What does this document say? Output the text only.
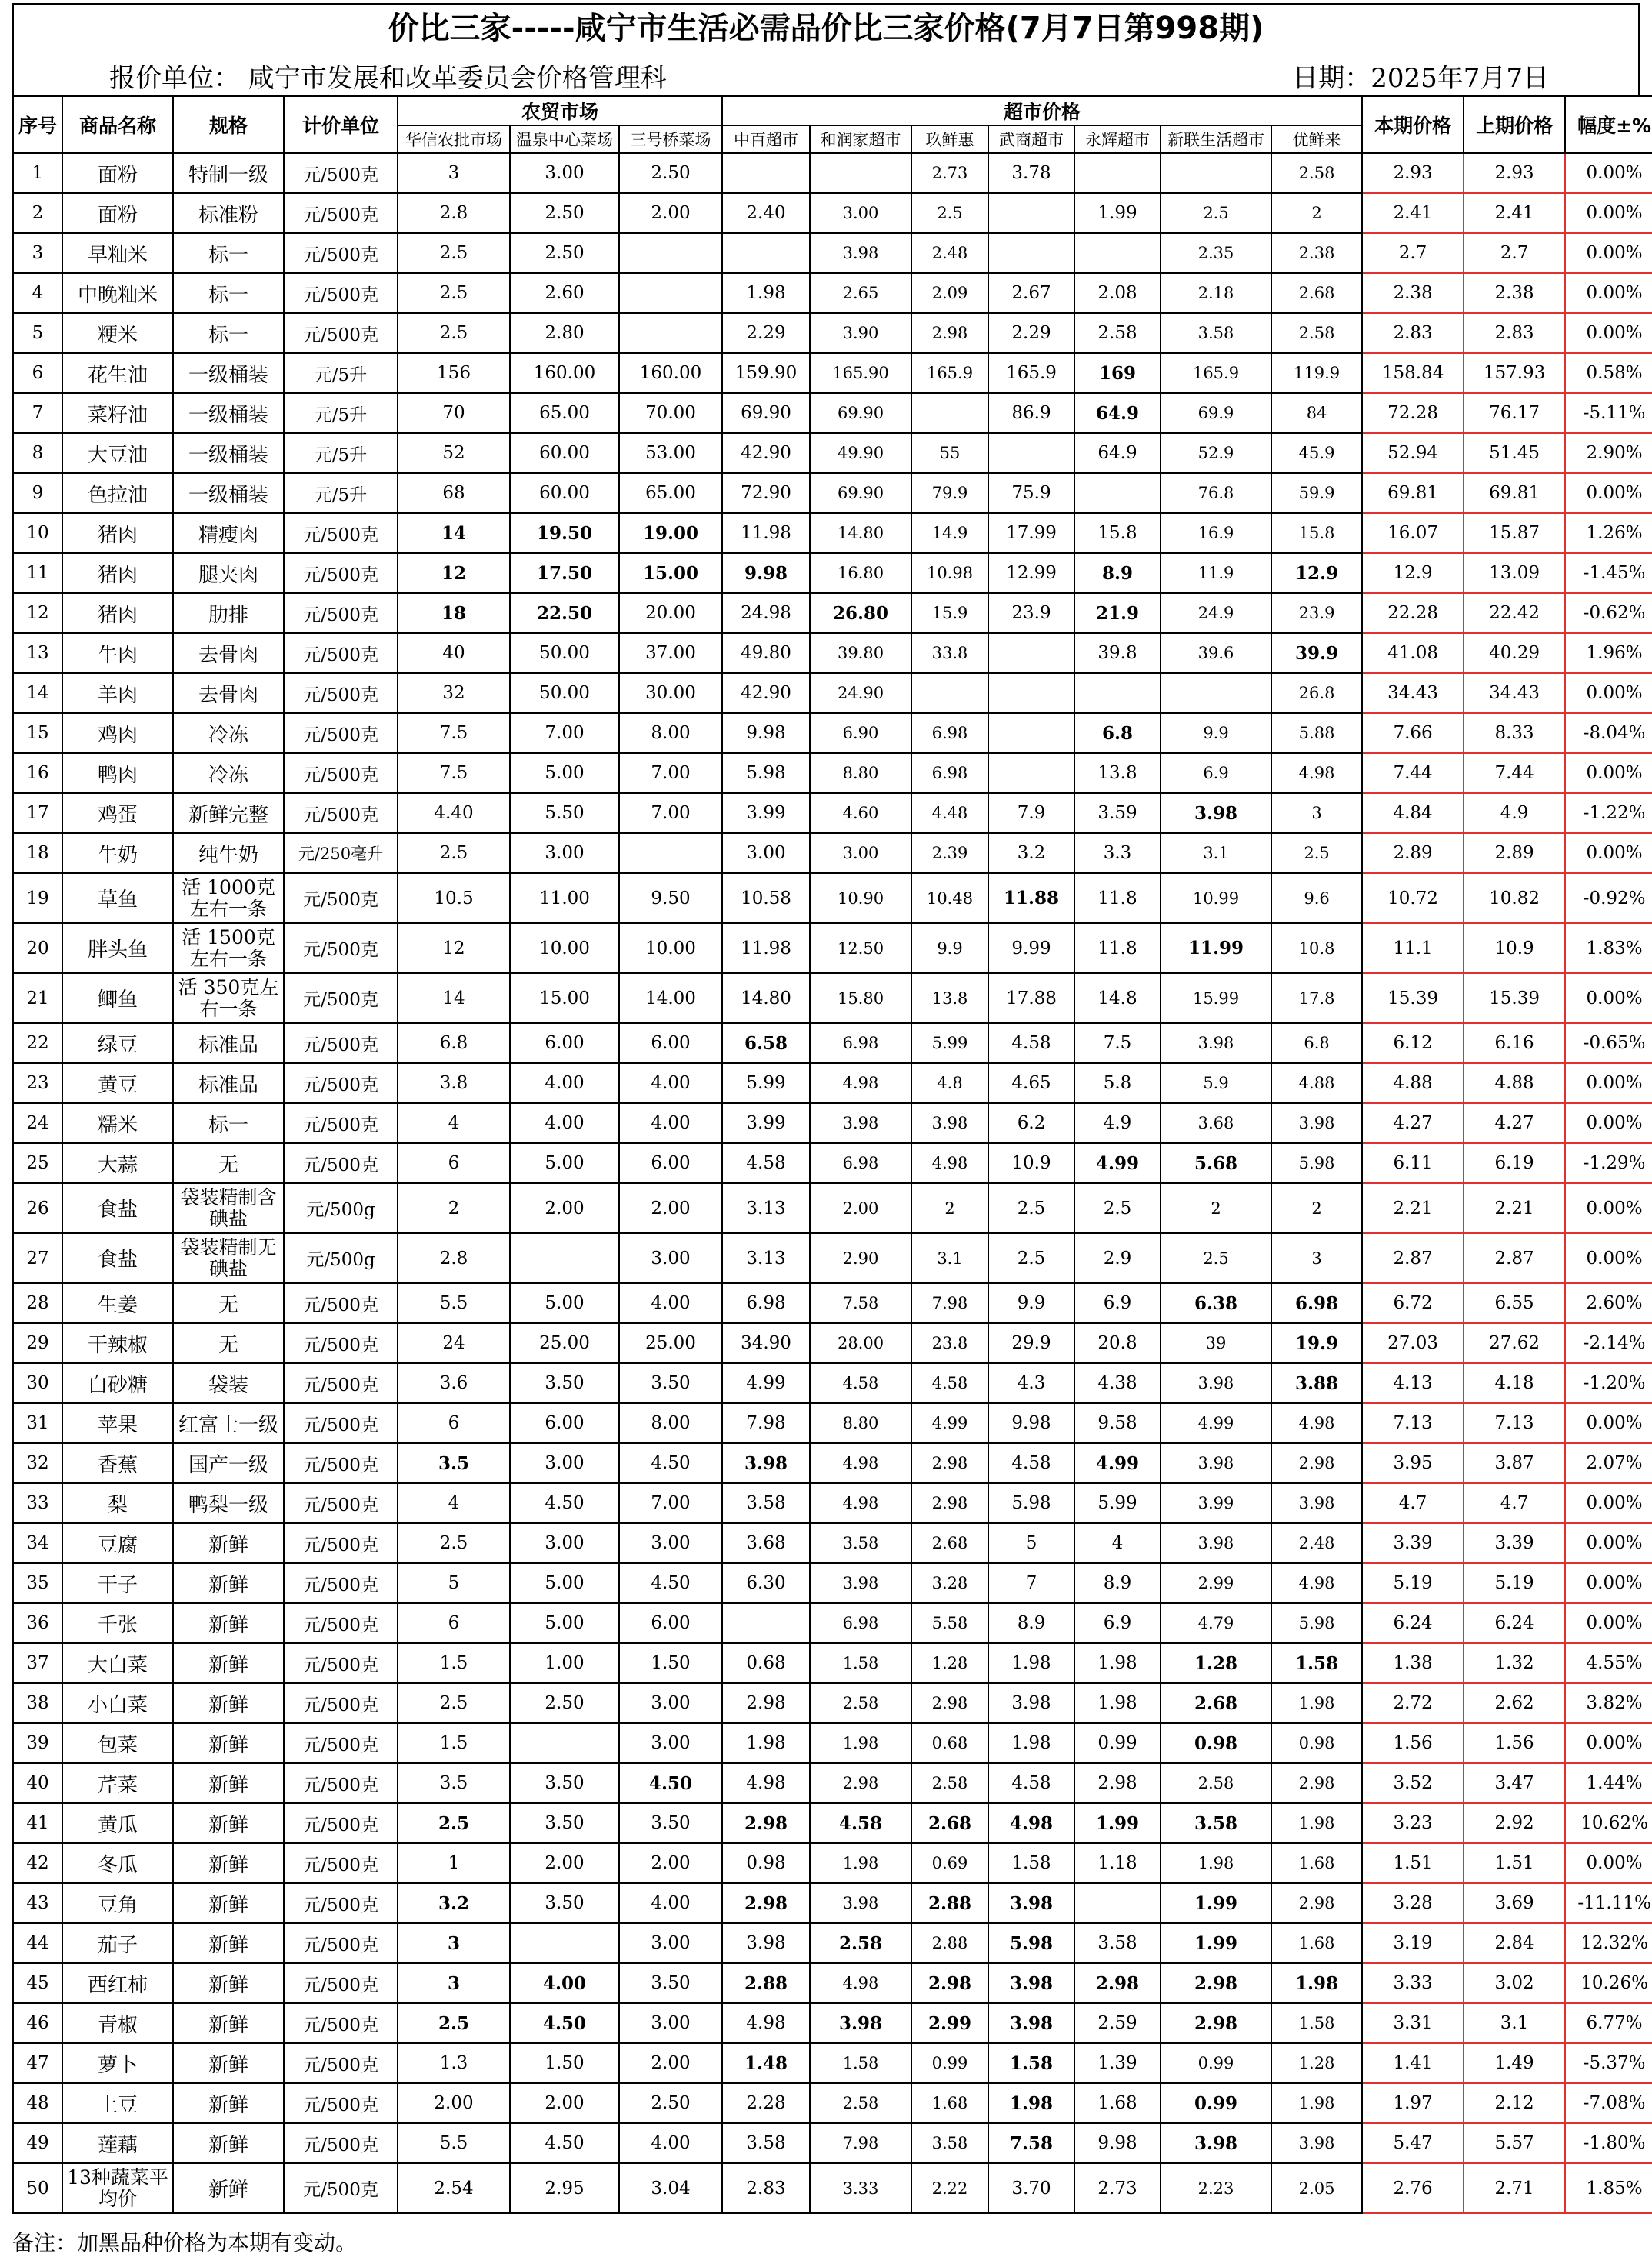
价比三家-----咸宁市生活必需品价比三家价格(7月7日第998期)
报价单位： 咸宁市发展和改革委员会价格管理科	日期：2025年7月7日
序号	商品名称	规格	计价单位	农贸市场			超市价格							本期价格	上期价格	幅度±%
				华信农批市场	温泉中心菜场	三号桥菜场	中百超市	和润家超市	玖鲜惠	武商超市	永辉超市	新联生活超市	优鲜来			
1	面粉	特制一级	元/500克	3	3.00	2.50			2.73	3.78			2.58	2.93	2.93	0.00%
2	面粉	标准粉	元/500克	2.8	2.50	2.00	2.40	3.00	2.5		1.99	2.5	2	2.41	2.41	0.00%
3	早籼米	标一	元/500克	2.5	2.50			3.98	2.48			2.35	2.38	2.7	2.7	0.00%
4	中晚籼米	标一	元/500克	2.5	2.60		1.98	2.65	2.09	2.67	2.08	2.18	2.68	2.38	2.38	0.00%
5	粳米	标一	元/500克	2.5	2.80		2.29	3.90	2.98	2.29	2.58	3.58	2.58	2.83	2.83	0.00%
6	花生油	一级桶装	元/5升	156	160.00	160.00	159.90	165.90	165.9	165.9	169	165.9	119.9	158.84	157.93	0.58%
7	菜籽油	一级桶装	元/5升	70	65.00	70.00	69.90	69.90		86.9	64.9	69.9	84	72.28	76.17	-5.11%
8	大豆油	一级桶装	元/5升	52	60.00	53.00	42.90	49.90	55		64.9	52.9	45.9	52.94	51.45	2.90%
9	色拉油	一级桶装	元/5升	68	60.00	65.00	72.90	69.90	79.9	75.9		76.8	59.9	69.81	69.81	0.00%
10	猪肉	精瘦肉	元/500克	14	19.50	19.00	11.98	14.80	14.9	17.99	15.8	16.9	15.8	16.07	15.87	1.26%
11	猪肉	腿夹肉	元/500克	12	17.50	15.00	9.98	16.80	10.98	12.99	8.9	11.9	12.9	12.9	13.09	-1.45%
12	猪肉	肋排	元/500克	18	22.50	20.00	24.98	26.80	15.9	23.9	21.9	24.9	23.9	22.28	22.42	-0.62%
13	牛肉	去骨肉	元/500克	40	50.00	37.00	49.80	39.80	33.8		39.8	39.6	39.9	41.08	40.29	1.96%
14	羊肉	去骨肉	元/500克	32	50.00	30.00	42.90	24.90					26.8	34.43	34.43	0.00%
15	鸡肉	冷冻	元/500克	7.5	7.00	8.00	9.98	6.90	6.98		6.8	9.9	5.88	7.66	8.33	-8.04%
16	鸭肉	冷冻	元/500克	7.5	5.00	7.00	5.98	8.80	6.98		13.8	6.9	4.98	7.44	7.44	0.00%
17	鸡蛋	新鲜完整	元/500克	4.40	5.50	7.00	3.99	4.60	4.48	7.9	3.59	3.98	3	4.84	4.9	-1.22%
18	牛奶	纯牛奶	元/250毫升	2.5	3.00		3.00	3.00	2.39	3.2	3.3	3.1	2.5	2.89	2.89	0.00%
19	草鱼	活 1000克左右一条	元/500克	10.5	11.00	9.50	10.58	10.90	10.48	11.88	11.8	10.99	9.6	10.72	10.82	-0.92%
20	胖头鱼	活 1500克左右一条	元/500克	12	10.00	10.00	11.98	12.50	9.9	9.99	11.8	11.99	10.8	11.1	10.9	1.83%
21	鲫鱼	活 350克左右一条	元/500克	14	15.00	14.00	14.80	15.80	13.8	17.88	14.8	15.99	17.8	15.39	15.39	0.00%
22	绿豆	标准品	元/500克	6.8	6.00	6.00	6.58	6.98	5.99	4.58	7.5	3.98	6.8	6.12	6.16	-0.65%
23	黄豆	标准品	元/500克	3.8	4.00	4.00	5.99	4.98	4.8	4.65	5.8	5.9	4.88	4.88	4.88	0.00%
24	糯米	标一	元/500克	4	4.00	4.00	3.99	3.98	3.98	6.2	4.9	3.68	3.98	4.27	4.27	0.00%
25	大蒜	无	元/500克	6	5.00	6.00	4.58	6.98	4.98	10.9	4.99	5.68	5.98	6.11	6.19	-1.29%
26	食盐	袋装精制含碘盐	元/500g	2	2.00	2.00	3.13	2.00	2	2.5	2.5	2	2	2.21	2.21	0.00%
27	食盐	袋装精制无碘盐	元/500g	2.8		3.00	3.13	2.90	3.1	2.5	2.9	2.5	3	2.87	2.87	0.00%
28	生姜	无	元/500克	5.5	5.00	4.00	6.98	7.58	7.98	9.9	6.9	6.38	6.98	6.72	6.55	2.60%
29	干辣椒	无	元/500克	24	25.00	25.00	34.90	28.00	23.8	29.9	20.8	39	19.9	27.03	27.62	-2.14%
30	白砂糖	袋装	元/500克	3.6	3.50	3.50	4.99	4.58	4.58	4.3	4.38	3.98	3.88	4.13	4.18	-1.20%
31	苹果	红富士一级	元/500克	6	6.00	8.00	7.98	8.80	4.99	9.98	9.58	4.99	4.98	7.13	7.13	0.00%
32	香蕉	国产一级	元/500克	3.5	3.00	4.50	3.98	4.98	2.98	4.58	4.99	3.98	2.98	3.95	3.87	2.07%
33	梨	鸭梨一级	元/500克	4	4.50	7.00	3.58	4.98	2.98	5.98	5.99	3.99	3.98	4.7	4.7	0.00%
34	豆腐	新鲜	元/500克	2.5	3.00	3.00	3.68	3.58	2.68	5	4	3.98	2.48	3.39	3.39	0.00%
35	干子	新鲜	元/500克	5	5.00	4.50	6.30	3.98	3.28	7	8.9	2.99	4.98	5.19	5.19	0.00%
36	千张	新鲜	元/500克	6	5.00	6.00		6.98	5.58	8.9	6.9	4.79	5.98	6.24	6.24	0.00%
37	大白菜	新鲜	元/500克	1.5	1.00	1.50	0.68	1.58	1.28	1.98	1.98	1.28	1.58	1.38	1.32	4.55%
38	小白菜	新鲜	元/500克	2.5	2.50	3.00	2.98	2.58	2.98	3.98	1.98	2.68	1.98	2.72	2.62	3.82%
39	包菜	新鲜	元/500克	1.5		3.00	1.98	1.98	0.68	1.98	0.99	0.98	0.98	1.56	1.56	0.00%
40	芹菜	新鲜	元/500克	3.5	3.50	4.50	4.98	2.98	2.58	4.58	2.98	2.58	2.98	3.52	3.47	1.44%
41	黄瓜	新鲜	元/500克	2.5	3.50	3.50	2.98	4.58	2.68	4.98	1.99	3.58	1.98	3.23	2.92	10.62%
42	冬瓜	新鲜	元/500克	1	2.00	2.00	0.98	1.98	0.69	1.58	1.18	1.98	1.68	1.51	1.51	0.00%
43	豆角	新鲜	元/500克	3.2	3.50	4.00	2.98	3.98	2.88	3.98		1.99	2.98	3.28	3.69	-11.11%
44	茄子	新鲜	元/500克	3		3.00	3.98	2.58	2.88	5.98	3.58	1.99	1.68	3.19	2.84	12.32%
45	西红柿	新鲜	元/500克	3	4.00	3.50	2.88	4.98	2.98	3.98	2.98	2.98	1.98	3.33	3.02	10.26%
46	青椒	新鲜	元/500克	2.5	4.50	3.00	4.98	3.98	2.99	3.98	2.59	2.98	1.58	3.31	3.1	6.77%
47	萝卜	新鲜	元/500克	1.3	1.50	2.00	1.48	1.58	0.99	1.58	1.39	0.99	1.28	1.41	1.49	-5.37%
48	土豆	新鲜	元/500克	2.00	2.00	2.50	2.28	2.58	1.68	1.98	1.68	0.99	1.98	1.97	2.12	-7.08%
49	莲藕	新鲜	元/500克	5.5	4.50	4.00	3.58	7.98	3.58	7.58	9.98	3.98	3.98	5.47	5.57	-1.80%
50	13种蔬菜平均价	新鲜	元/500克	2.54	2.95	3.04	2.83	3.33	2.22	3.70	2.73	2.23	2.05	2.76	2.71	1.85%
备注：加黑品种价格为本期有变动。
